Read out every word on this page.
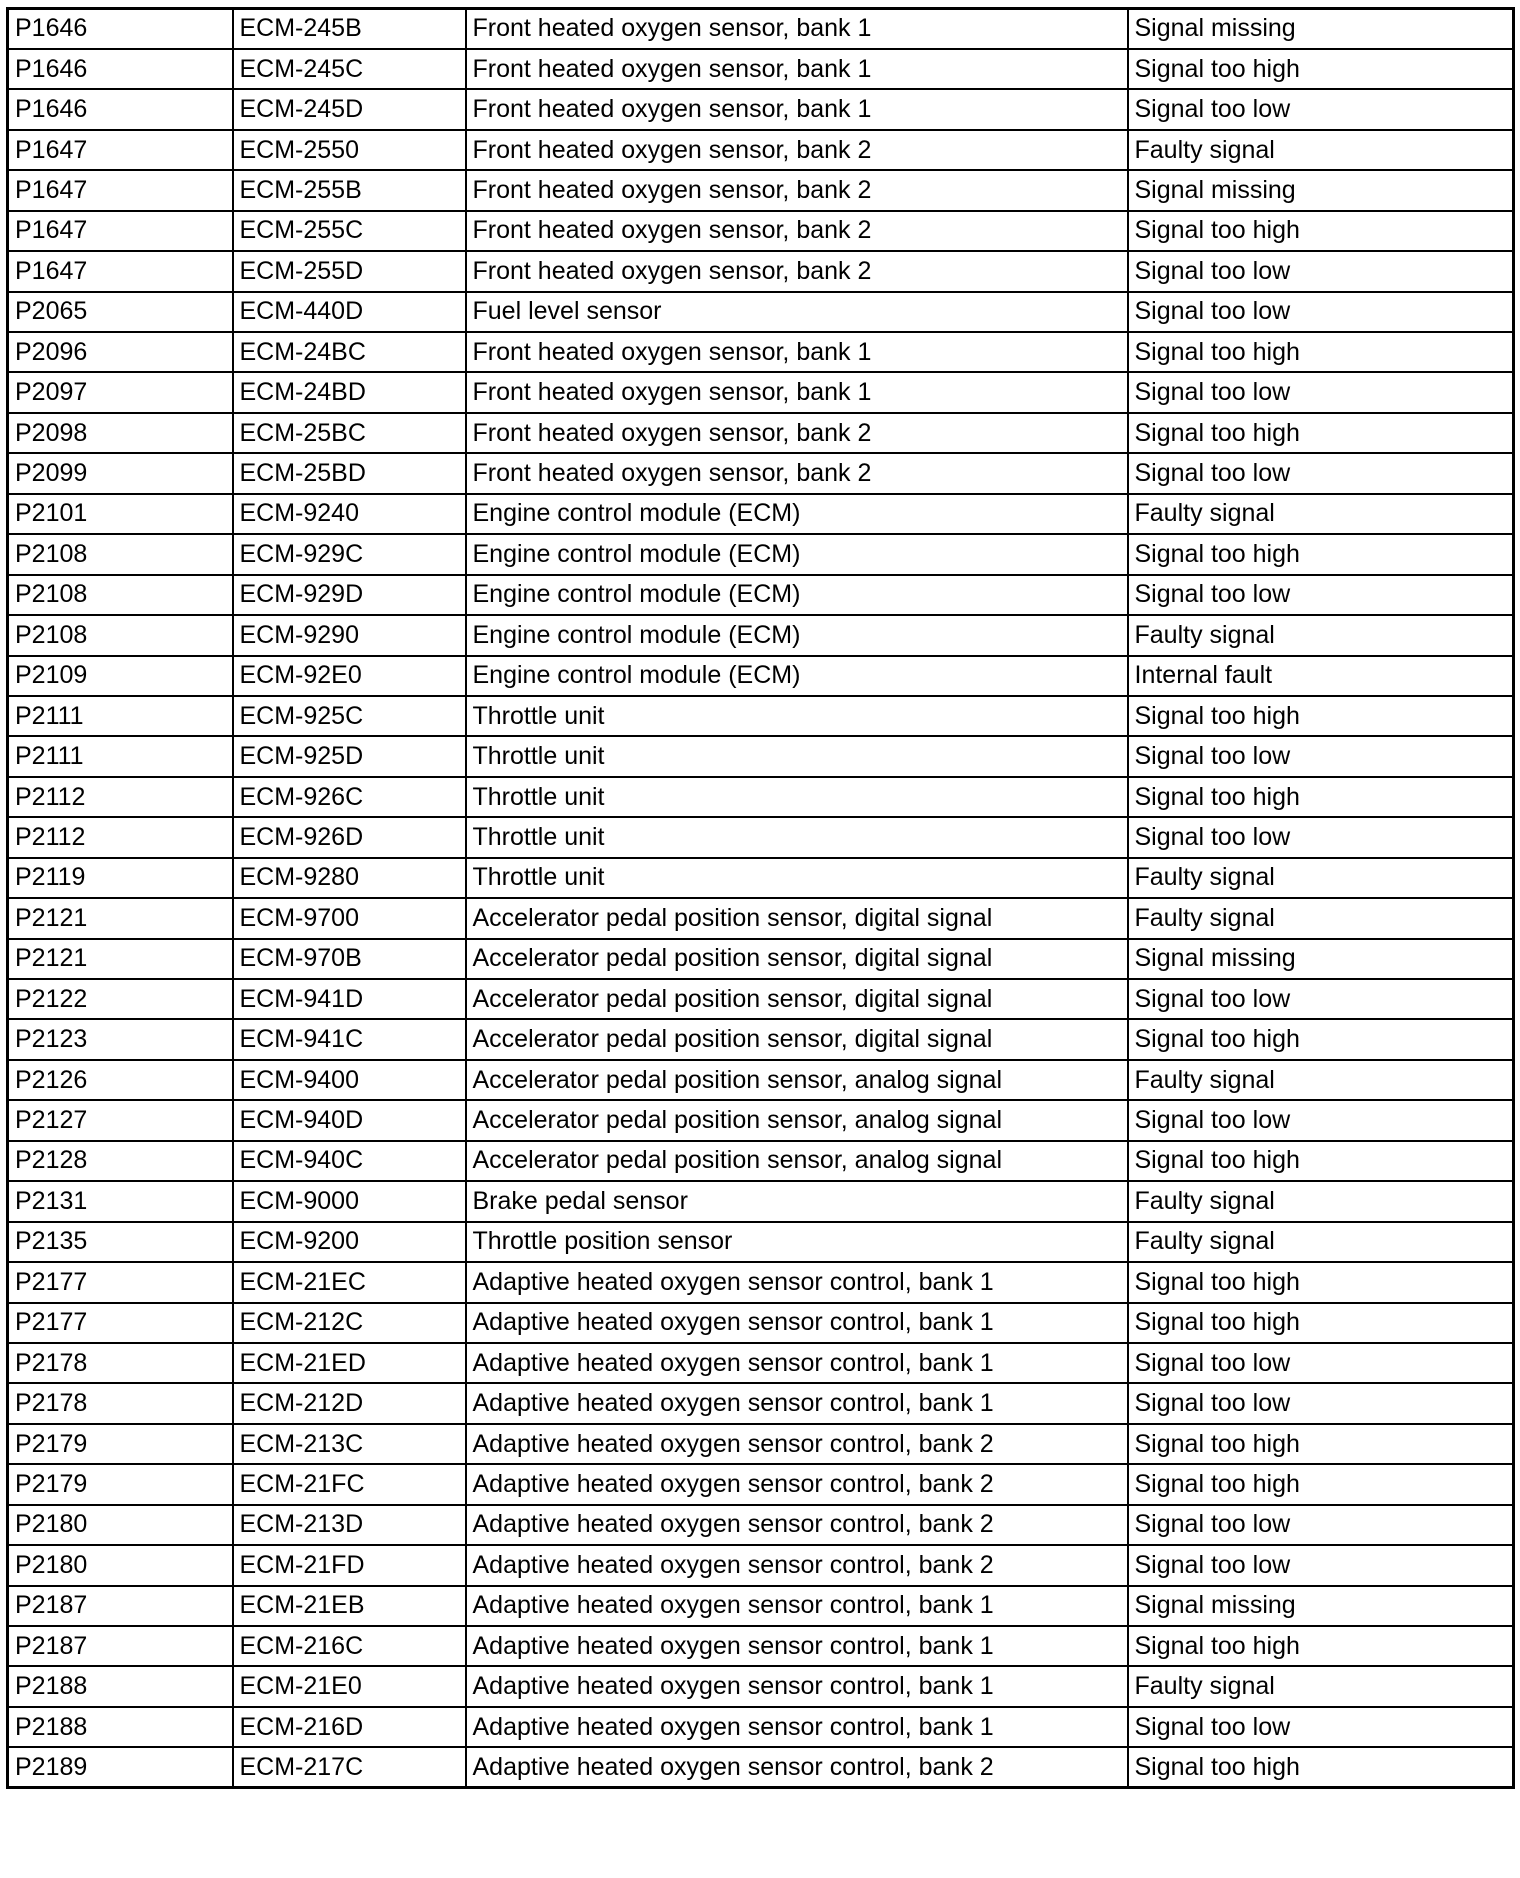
P1646	ECM-245B	Front heated oxygen sensor, bank 1	Signal missing
P1646	ECM-245C	Front heated oxygen sensor, bank 1	Signal too high
P1646	ECM-245D	Front heated oxygen sensor, bank 1	Signal too low
P1647	ECM-2550	Front heated oxygen sensor, bank 2	Faulty signal
P1647	ECM-255B	Front heated oxygen sensor, bank 2	Signal missing
P1647	ECM-255C	Front heated oxygen sensor, bank 2	Signal too high
P1647	ECM-255D	Front heated oxygen sensor, bank 2	Signal too low
P2065	ECM-440D	Fuel level sensor	Signal too low
P2096	ECM-24BC	Front heated oxygen sensor, bank 1	Signal too high
P2097	ECM-24BD	Front heated oxygen sensor, bank 1	Signal too low
P2098	ECM-25BC	Front heated oxygen sensor, bank 2	Signal too high
P2099	ECM-25BD	Front heated oxygen sensor, bank 2	Signal too low
P2101	ECM-9240	Engine control module (ECM)	Faulty signal
P2108	ECM-929C	Engine control module (ECM)	Signal too high
P2108	ECM-929D	Engine control module (ECM)	Signal too low
P2108	ECM-9290	Engine control module (ECM)	Faulty signal
P2109	ECM-92E0	Engine control module (ECM)	Internal fault
P2111	ECM-925C	Throttle unit	Signal too high
P2111	ECM-925D	Throttle unit	Signal too low
P2112	ECM-926C	Throttle unit	Signal too high
P2112	ECM-926D	Throttle unit	Signal too low
P2119	ECM-9280	Throttle unit	Faulty signal
P2121	ECM-9700	Accelerator pedal position sensor, digital signal	Faulty signal
P2121	ECM-970B	Accelerator pedal position sensor, digital signal	Signal missing
P2122	ECM-941D	Accelerator pedal position sensor, digital signal	Signal too low
P2123	ECM-941C	Accelerator pedal position sensor, digital signal	Signal too high
P2126	ECM-9400	Accelerator pedal position sensor, analog signal	Faulty signal
P2127	ECM-940D	Accelerator pedal position sensor, analog signal	Signal too low
P2128	ECM-940C	Accelerator pedal position sensor, analog signal	Signal too high
P2131	ECM-9000	Brake pedal sensor	Faulty signal
P2135	ECM-9200	Throttle position sensor	Faulty signal
P2177	ECM-21EC	Adaptive heated oxygen sensor control, bank 1	Signal too high
P2177	ECM-212C	Adaptive heated oxygen sensor control, bank 1	Signal too high
P2178	ECM-21ED	Adaptive heated oxygen sensor control, bank 1	Signal too low
P2178	ECM-212D	Adaptive heated oxygen sensor control, bank 1	Signal too low
P2179	ECM-213C	Adaptive heated oxygen sensor control, bank 2	Signal too high
P2179	ECM-21FC	Adaptive heated oxygen sensor control, bank 2	Signal too high
P2180	ECM-213D	Adaptive heated oxygen sensor control, bank 2	Signal too low
P2180	ECM-21FD	Adaptive heated oxygen sensor control, bank 2	Signal too low
P2187	ECM-21EB	Adaptive heated oxygen sensor control, bank 1	Signal missing
P2187	ECM-216C	Adaptive heated oxygen sensor control, bank 1	Signal too high
P2188	ECM-21E0	Adaptive heated oxygen sensor control, bank 1	Faulty signal
P2188	ECM-216D	Adaptive heated oxygen sensor control, bank 1	Signal too low
P2189	ECM-217C	Adaptive heated oxygen sensor control, bank 2	Signal too high
